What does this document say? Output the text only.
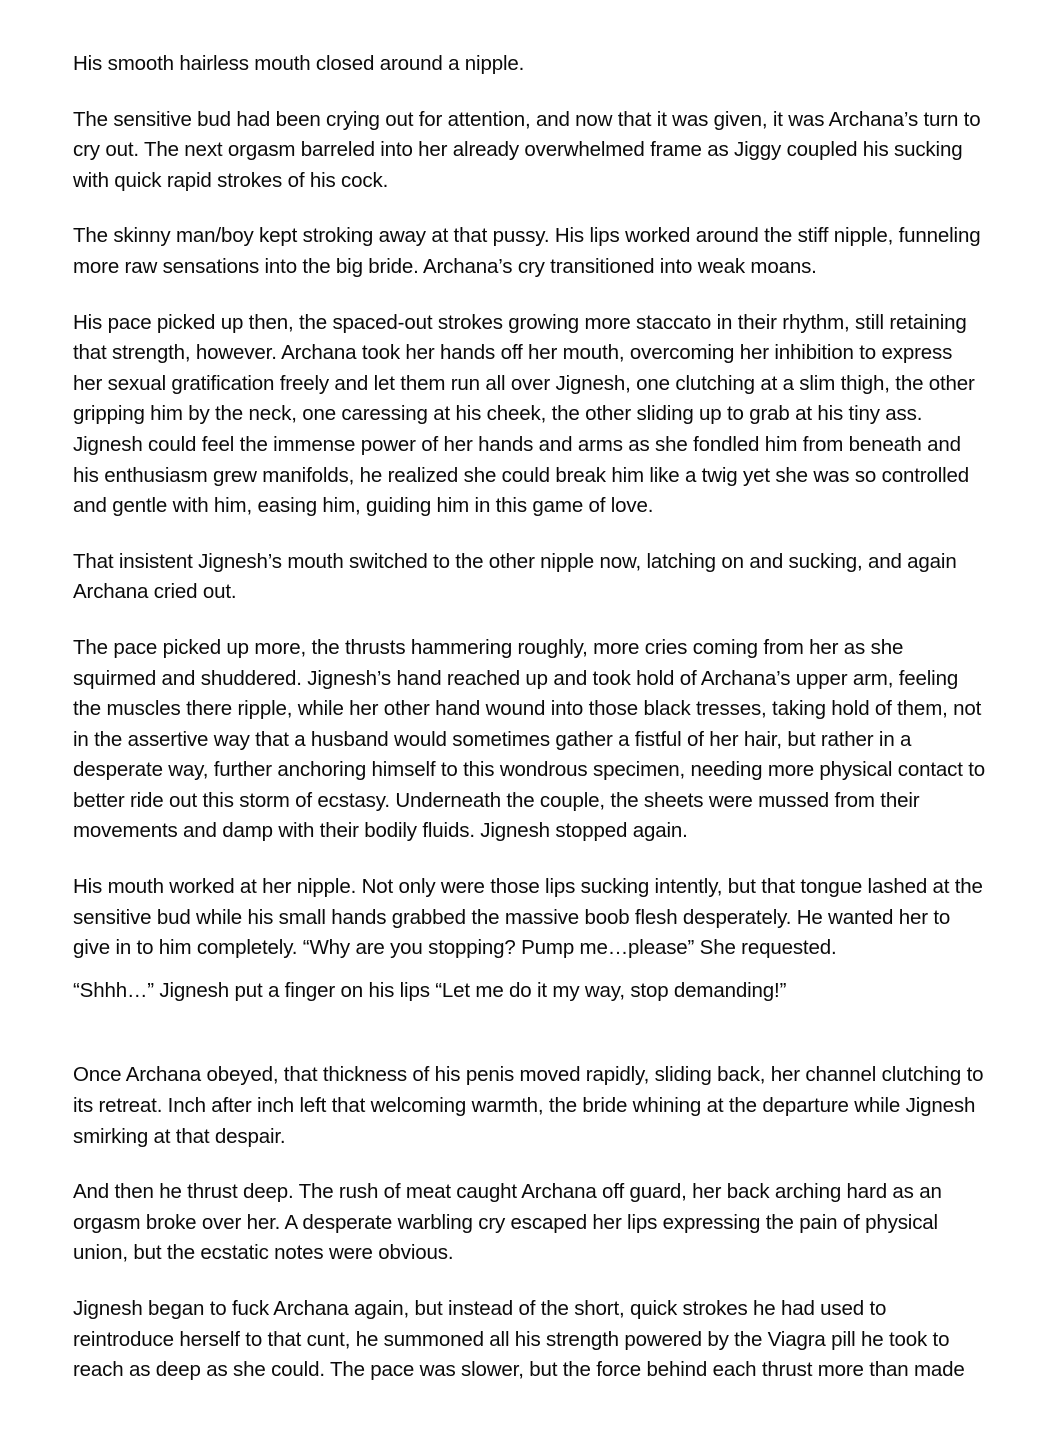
His smooth hairless mouth closed around a nipple.

The sensitive bud had been crying out for attention, and now that it was given, it was Archana’s turn to cry out. The next orgasm barreled into her already overwhelmed frame as Jiggy coupled his sucking with quick rapid strokes of his cock.

The skinny man/boy kept stroking away at that pussy. His lips worked around the stiff nipple, funneling more raw sensations into the big bride. Archana’s cry transitioned into weak moans.

His pace picked up then, the spaced-out strokes growing more staccato in their rhythm, still retaining that strength, however. Archana took her hands off her mouth, overcoming her inhibition to express her sexual gratification freely and let them run all over Jignesh, one clutching at a slim thigh, the other gripping him by the neck, one caressing at his cheek, the other sliding up to grab at his tiny ass. Jignesh could feel the immense power of her hands and arms as she fondled him from beneath and his enthusiasm grew manifolds, he realized she could break him like a twig yet she was so controlled and gentle with him, easing him, guiding him in this game of love.

That insistent Jignesh’s mouth switched to the other nipple now, latching on and sucking, and again Archana cried out.

The pace picked up more, the thrusts hammering roughly, more cries coming from her as she squirmed and shuddered. Jignesh’s hand reached up and took hold of Archana’s upper arm, feeling the muscles there ripple, while her other hand wound into those black tresses, taking hold of them, not in the assertive way that a husband would sometimes gather a fistful of her hair, but rather in a desperate way, further anchoring himself to this wondrous specimen, needing more physical contact to better ride out this storm of ecstasy. Underneath the couple, the sheets were mussed from their movements and damp with their bodily fluids. Jignesh stopped again.

His mouth worked at her nipple. Not only were those lips sucking intently, but that tongue lashed at the sensitive bud while his small hands grabbed the massive boob flesh desperately. He wanted her to give in to him completely. “Why are you stopping? Pump me…please” She requested.

“Shhh…” Jignesh put a finger on his lips “Let me do it my way, stop demanding!”

Once Archana obeyed, that thickness of his penis moved rapidly, sliding back, her channel clutching to its retreat. Inch after inch left that welcoming warmth, the bride whining at the departure while Jignesh smirking at that despair.

And then he thrust deep. The rush of meat caught Archana off guard, her back arching hard as an orgasm broke over her. A desperate warbling cry escaped her lips expressing the pain of physical union, but the ecstatic notes were obvious.

Jignesh began to fuck Archana again, but instead of the short, quick strokes he had used to reintroduce herself to that cunt, he summoned all his strength powered by the Viagra pill he took to reach as deep as she could. The pace was slower, but the force behind each thrust more than made
